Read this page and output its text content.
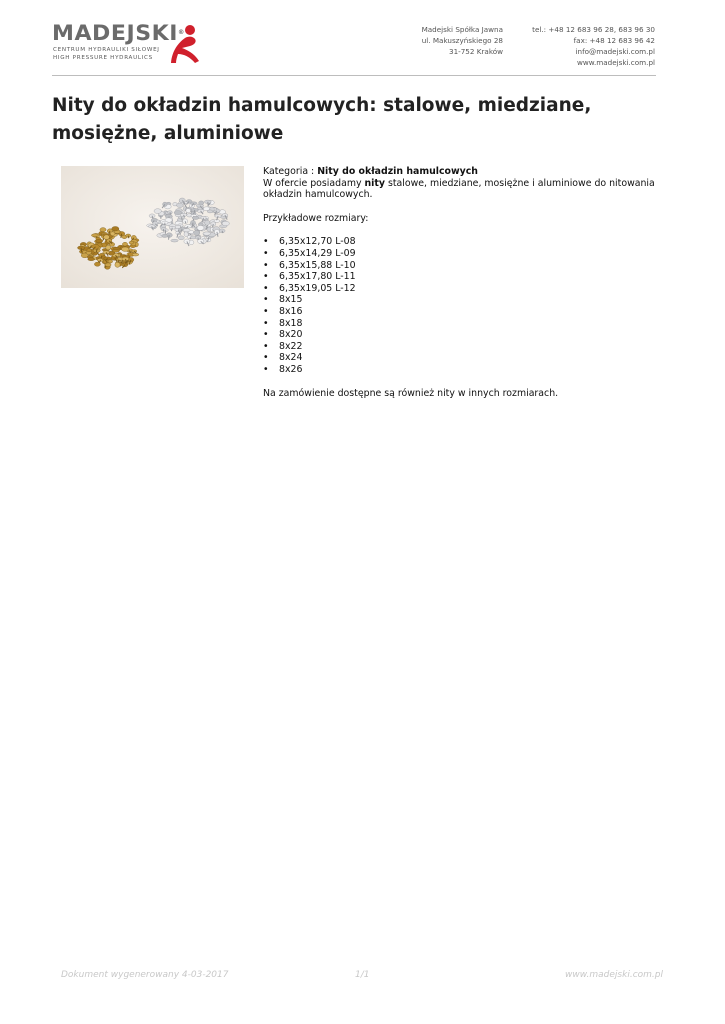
MADEJSKI®
CENTRUM HYDRAULIKI SIŁOWEJ
HIGH PRESSURE HYDRAULICS
Madejski Spółka Jawna
ul. Makuszyńskiego 28
31-752 Kraków
tel.: +48 12 683 96 28, 683 96 30
fax: +48 12 683 96 42
info@madejski.com.pl
www.madejski.com.pl
Nity do okładzin hamulcowych: stalowe, miedziane, mosiężne, aluminiowe

Kategoria : Nity do okładzin hamulcowych

W ofercie posiadamy nity stalowe, miedziane, mosiężne i aluminiowe do nitowania okładzin hamulcowych.

Przykładowe rozmiary:

• 6,35x12,70 L-08
• 6,35x14,29 L-09
• 6,35x15,88 L-10
• 6,35x17,80 L-11
• 6,35x19,05 L-12
• 8x15
• 8x16
• 8x18
• 8x20
• 8x22
• 8x24
• 8x26

Na zamówienie dostępne są również nity w innych rozmiarach.

Dokument wygenerowany 4-03-2017	1/1	www.madejski.com.pl
